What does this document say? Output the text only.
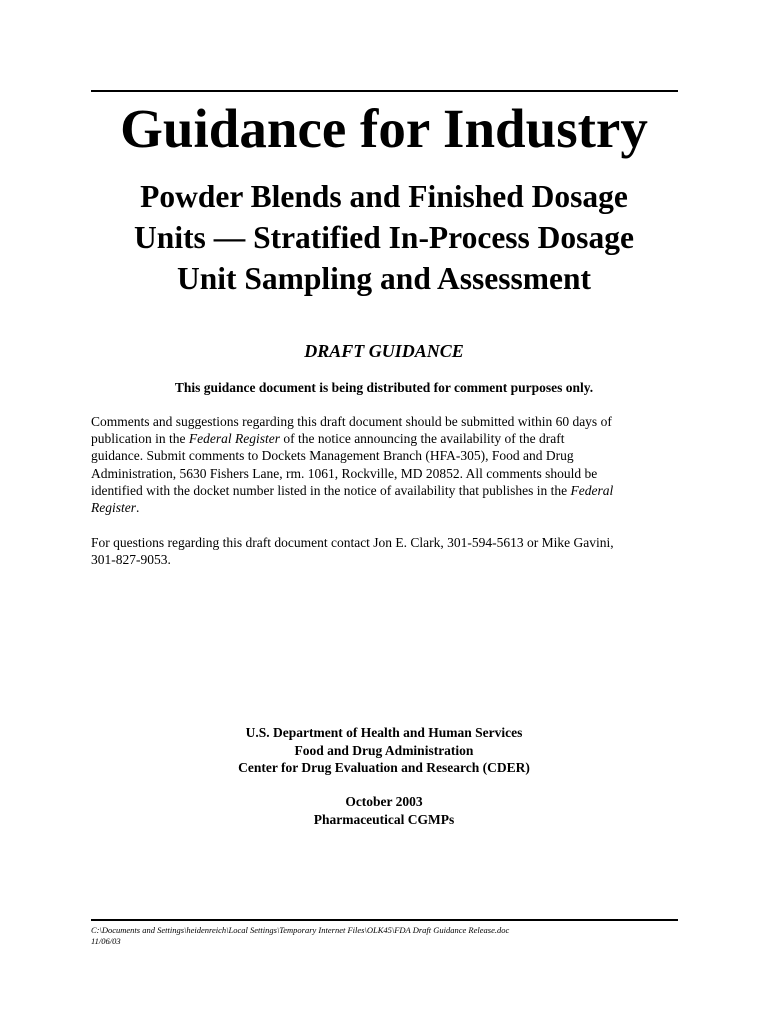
Guidance for Industry
Powder Blends and Finished Dosage
Units — Stratified In-Process Dosage
Unit Sampling and Assessment
DRAFT GUIDANCE
This guidance document is being distributed for comment purposes only.

Comments and suggestions regarding this draft document should be submitted within 60 days of
publication in the Federal Register of the notice announcing the availability of the draft
guidance. Submit comments to Dockets Management Branch (HFA-305), Food and Drug
Administration, 5630 Fishers Lane, rm. 1061, Rockville, MD 20852. All comments should be
identified with the docket number listed in the notice of availability that publishes in the Federal
Register.

For questions regarding this draft document contact Jon E. Clark, 301-594-5613 or Mike Gavini,
301-827-9053.

U.S. Department of Health and Human Services
Food and Drug Administration
Center for Drug Evaluation and Research (CDER)
October 2003
Pharmaceutical CGMPs
C:\Documents and Settings\heidenreich\Local Settings\Temporary Internet Files\OLK45\FDA Draft Guidance Release.doc
11/06/03
